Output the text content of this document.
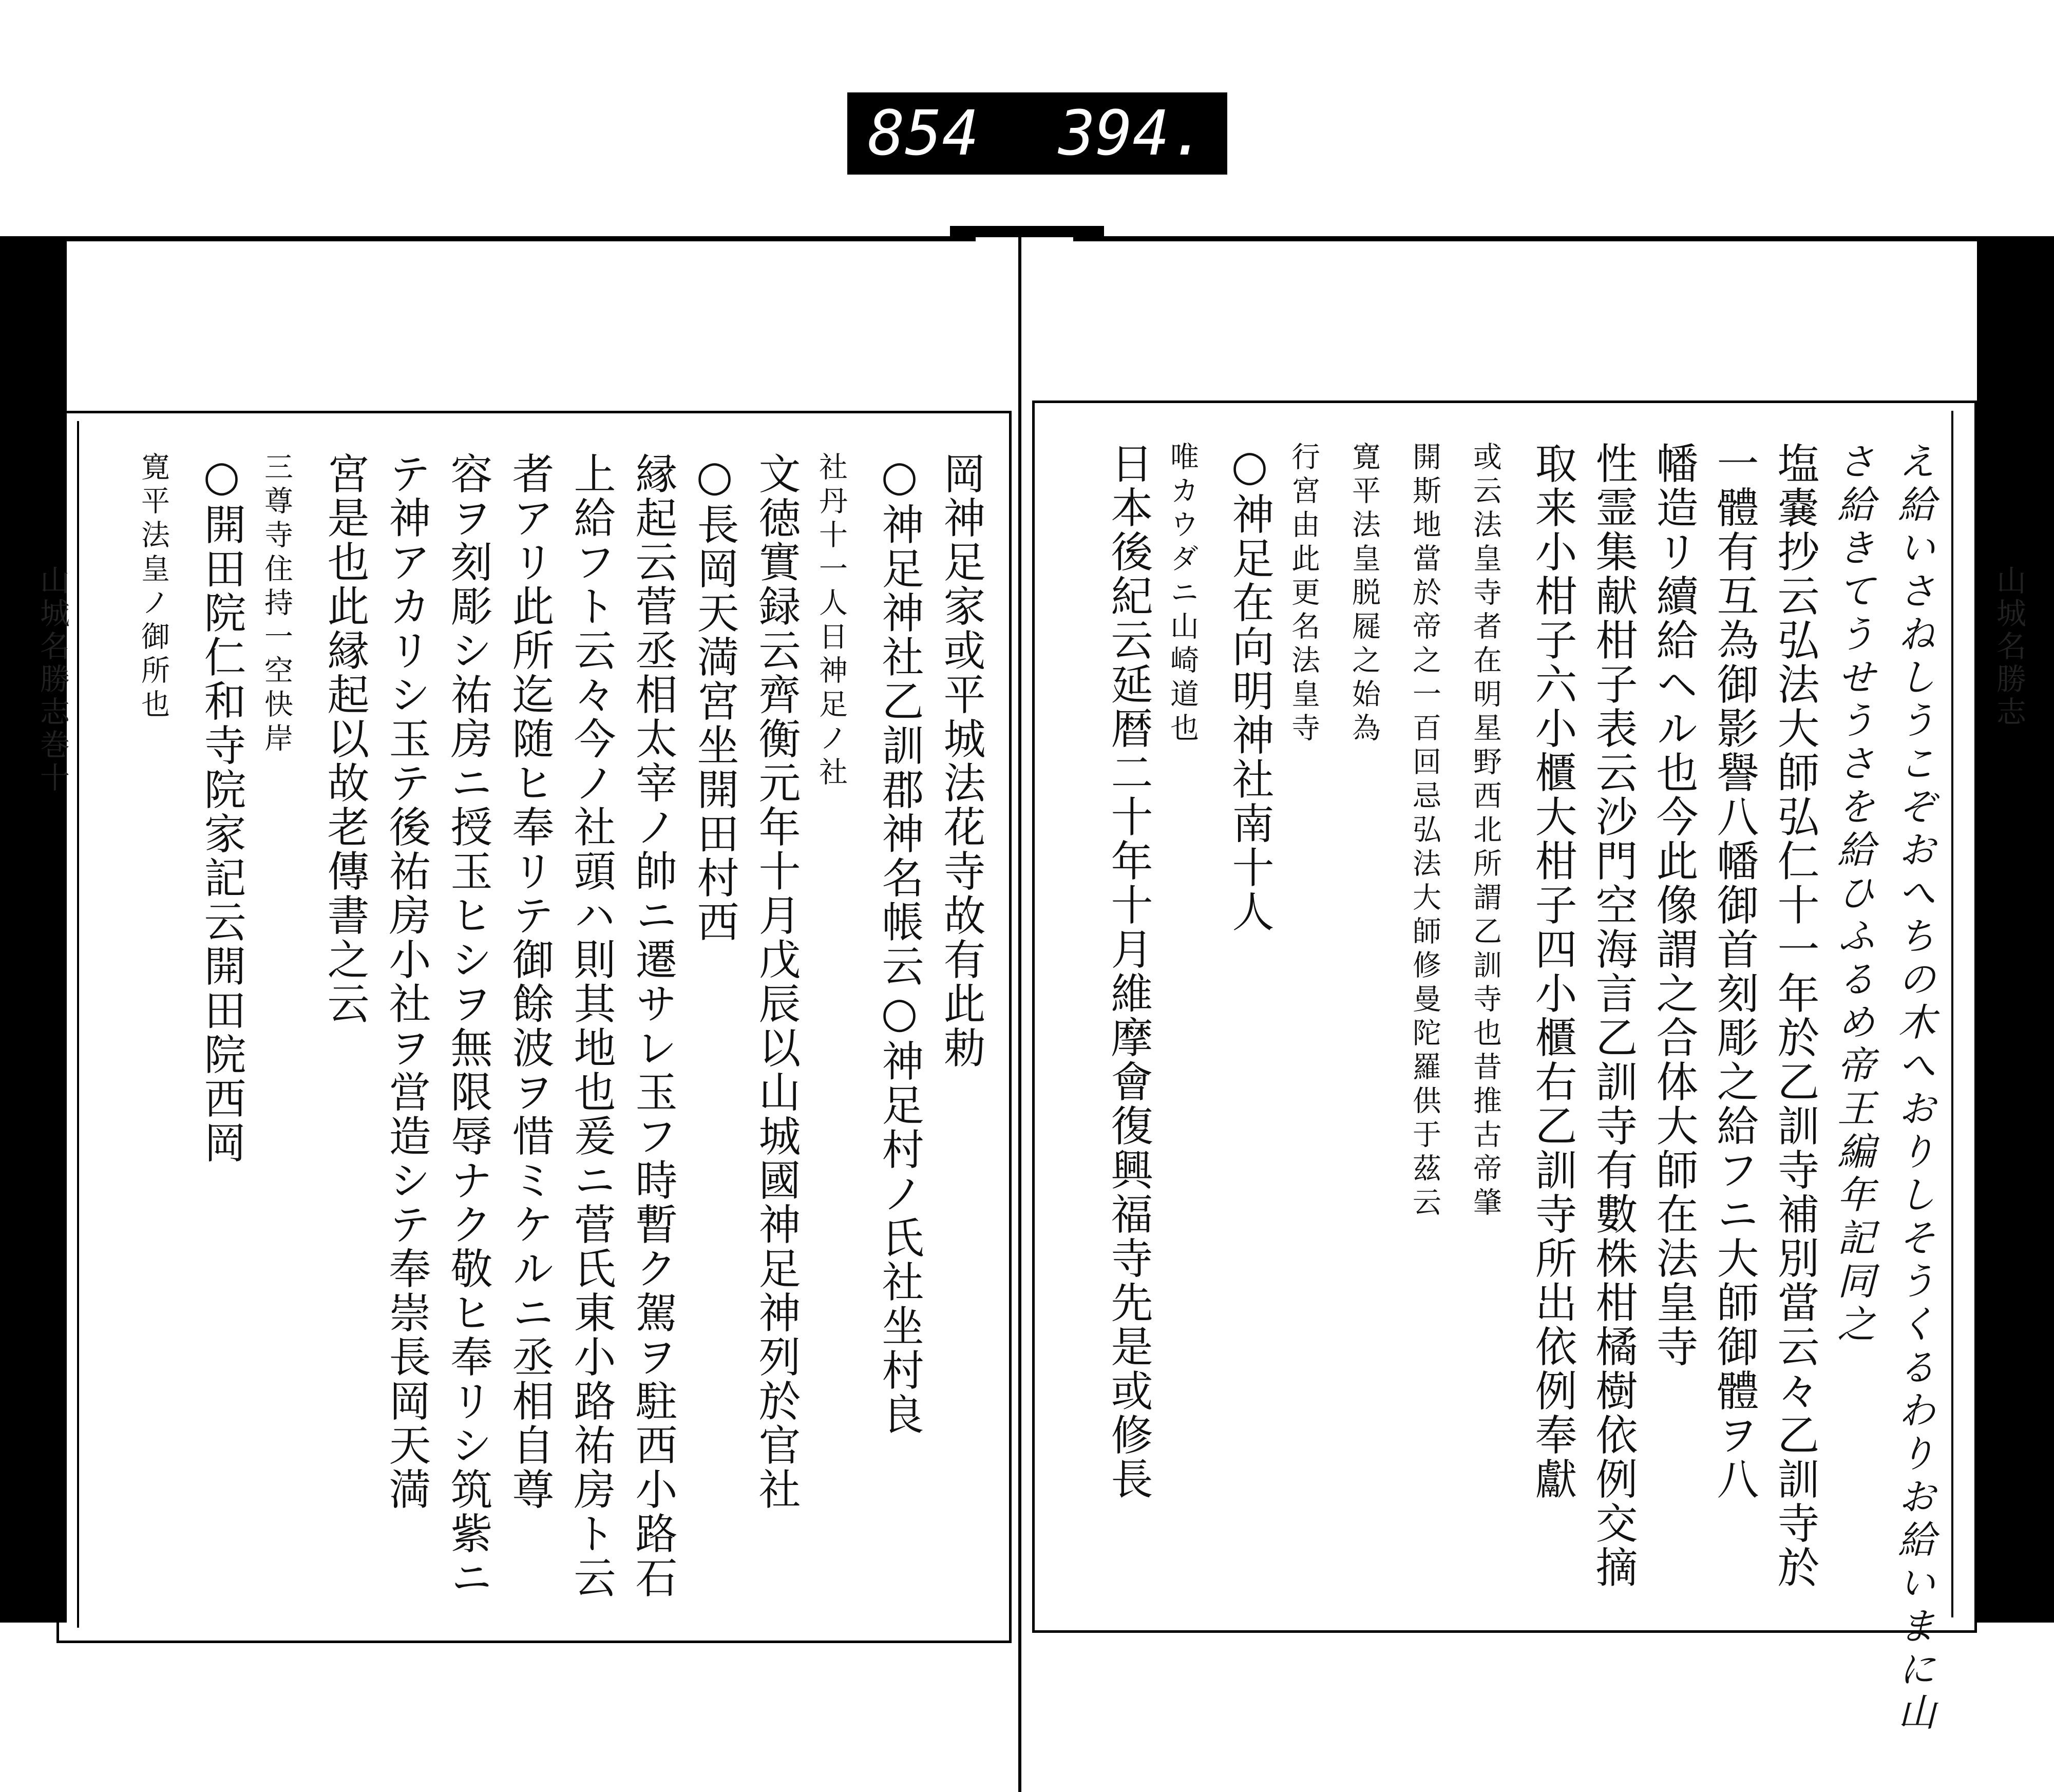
854 394.
山城名勝志
山城名勝志巻十	え給いさねしうこぞおへちの木へおりしそうくるわりお給いまに山
さ給きてうせうさを給ひふるめ帝王編年記同之
塩嚢抄云弘法大師弘仁十一年於乙訓寺補別當云々乙訓寺於
一體有互為御影譽八幡御首刻彫之給フニ大師御體ヲ八
幡造リ續給ヘル也今此像謂之合体大師在法皇寺
性霊集献柑子表云沙門空海言乙訓寺有數株柑橘樹依例交摘
取来小柑子六小櫃大柑子四小櫃右乙訓寺所出依例奉獻
或云法皇寺者在明星野西北所謂乙訓寺也昔推古帝肇
開斯地當於帝之一百回忌弘法大師修曼陀羅供于茲云
寛平法皇脱屣之始為
行宮由此更名法皇寺
○神足在向明神社南十人
唯カウダニ山崎道也
日本後紀云延暦二十年十月維摩會復興福寺先是或修長
岡神足家或平城法花寺故有此勅
○神足神社乙訓郡神名帳云○神足村ノ氏社坐村良
社丹十一人日神足ノ社
文徳實録云齊衡元年十月戊辰以山城國神足神列於官社
○長岡天満宮坐開田村西
縁起云菅丞相太宰ノ帥ニ遷サレ玉フ時暫ク駕ヲ駐西小路石
上給フト云々今ノ社頭ハ則其地也爰ニ菅氏東小路祐房ト云
者アリ此所迄随ヒ奉リテ御餘波ヲ惜ミケルニ丞相自尊
容ヲ刻彫シ祐房ニ授玉ヒシヲ無限辱ナク敬ヒ奉リシ筑紫ニ
テ神アカリシ玉テ後祐房小社ヲ営造シテ奉崇長岡天満
宮是也此縁起以故老傳書之云
三尊寺住持一空快岸
○開田院仁和寺院家記云開田院西岡
寛平法皇ノ御所也
